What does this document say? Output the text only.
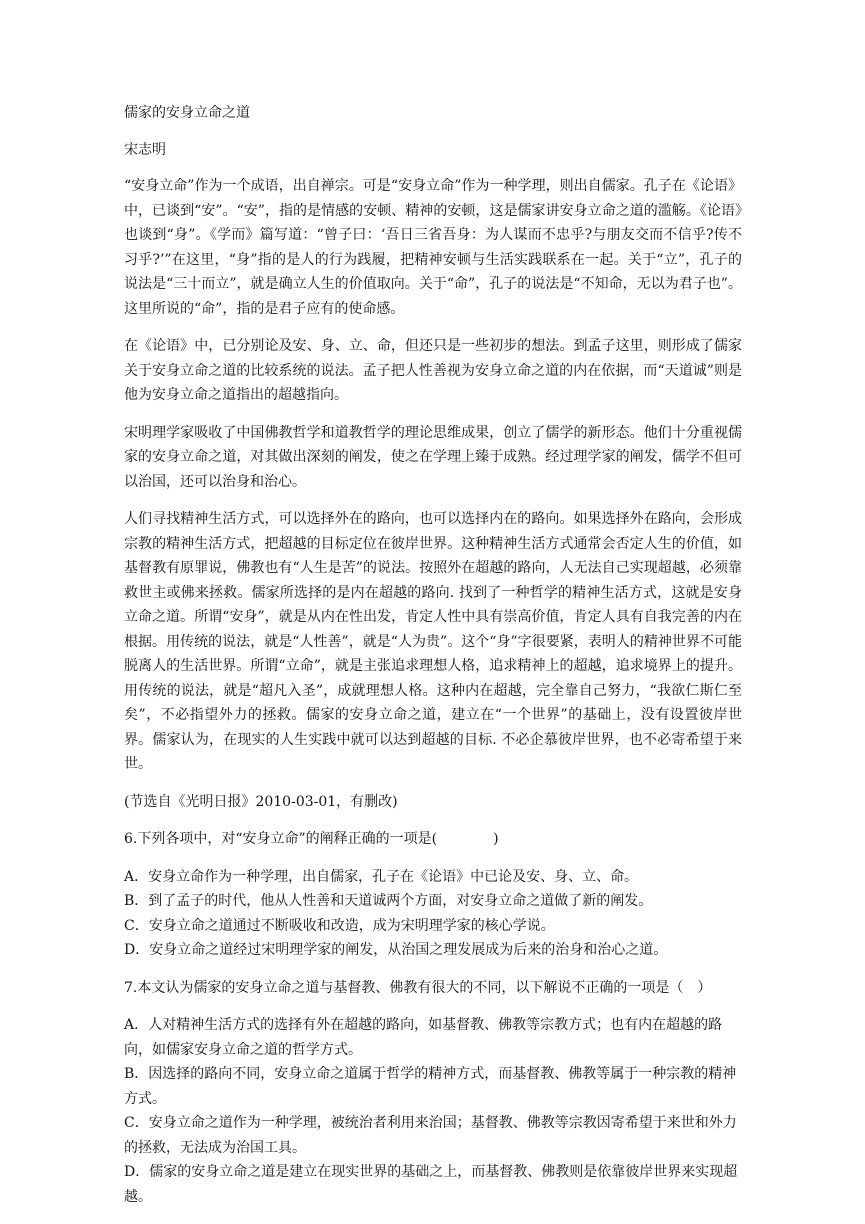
儒家的安身立命之道

宋志明

“安身立命”作为一个成语，出自禅宗。可是“安身立命”作为一种学理，则出自儒家。孔子在《论语》中，已谈到“安”。“安”，指的是情感的安顿、精神的安顿，这是儒家讲安身立命之道的滥觞。《论语》也谈到“身”。《学而》篇写道：“曾子曰：‘吾日三省吾身：为人谋而不忠乎?与朋友交而不信乎?传不习乎?’”在这里，“身”指的是人的行为践履，把精神安顿与生活实践联系在一起。关于“立”，孔子的说法是“三十而立”，就是确立人生的价值取向。关于“命”，孔子的说法是“不知命，无以为君子也”。这里所说的“命”，指的是君子应有的使命感。

在《论语》中，已分别论及安、身、立、命，但还只是一些初步的想法。到孟子这里，则形成了儒家关于安身立命之道的比较系统的说法。孟子把人性善视为安身立命之道的内在依据，而“天道诚”则是他为安身立命之道指出的超越指向。

宋明理学家吸收了中国佛教哲学和道教哲学的理论思维成果，创立了儒学的新形态。他们十分重视儒家的安身立命之道，对其做出深刻的阐发，使之在学理上臻于成熟。经过理学家的阐发，儒学不但可以治国，还可以治身和治心。

人们寻找精神生活方式，可以选择外在的路向，也可以选择内在的路向。如果选择外在路向，会形成宗教的精神生活方式，把超越的目标定位在彼岸世界。这种精神生活方式通常会否定人生的价值，如基督教有原罪说，佛教也有“人生是苦”的说法。按照外在超越的路向，人无法自己实现超越，必须靠救世主或佛来拯救。儒家所选择的是内在超越的路向. 找到了一种哲学的精神生活方式，这就是安身立命之道。所谓“安身”，就是从内在性出发，肯定人性中具有崇高价值，肯定人具有自我完善的内在根据。用传统的说法，就是“人性善”，就是“人为贵”。这个“身”字很要紧，表明人的精神世界不可能脱离人的生活世界。所谓“立命”，就是主张追求理想人格，追求精神上的超越，追求境界上的提升。用传统的说法，就是“超凡入圣”，成就理想人格。这种内在超越，完全靠自己努力，“我欲仁斯仁至矣”，不必指望外力的拯救。儒家的安身立命之道，建立在“一个世界”的基础上，没有设置彼岸世界。儒家认为，在现实的人生实践中就可以达到超越的目标. 不必企慕彼岸世界，也不必寄希望于来世。

(节选自《光明日报》2010-03-01，有删改)

6.下列各项中，对“安身立命”的阐释正确的一项是(　　　　)

A．安身立命作为一种学理，出自儒家，孔子在《论语》中已论及安、身、立、命。
B．到了孟子的时代，他从人性善和天道诚两个方面，对安身立命之道做了新的阐发。
C．安身立命之道通过不断吸收和改造，成为宋明理学家的核心学说。
D．安身立命之道经过宋明理学家的阐发，从治国之理发展成为后来的治身和治心之道。

7.本文认为儒家的安身立命之道与基督教、佛教有很大的不同，以下解说不正确的一项是（　）

A．人对精神生活方式的选择有外在超越的路向，如基督教、佛教等宗教方式；也有内在超越的路向，如儒家安身立命之道的哲学方式。
B．因选择的路向不同，安身立命之道属于哲学的精神方式，而基督教、佛教等属于一种宗教的精神方式。
C．安身立命之道作为一种学理，被统治者利用来治国；基督教、佛教等宗教因寄希望于来世和外力的拯救，无法成为治国工具。
D．儒家的安身立命之道是建立在现实世界的基础之上，而基督教、佛教则是依靠彼岸世界来实现超越。
